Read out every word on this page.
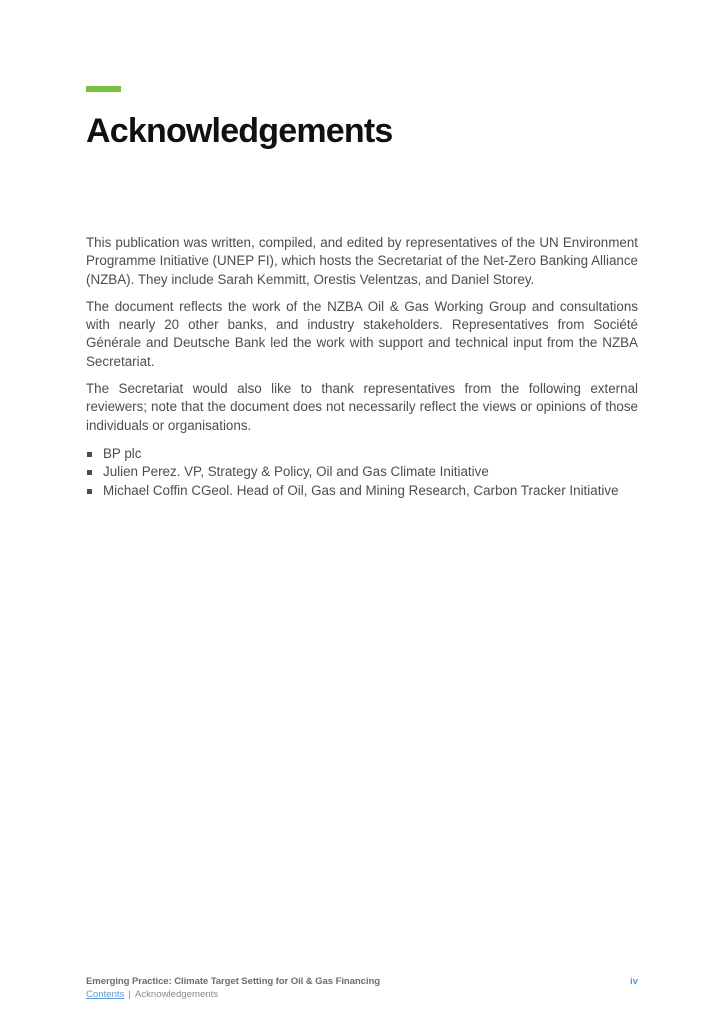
Acknowledgements

This publication was written, compiled, and edited by representatives of the UN Environment Programme Initiative (UNEP FI), which hosts the Secretariat of the Net-Zero Banking Alliance (NZBA). They include Sarah Kemmitt, Orestis Velentzas, and Daniel Storey.

The document reflects the work of the NZBA Oil & Gas Working Group and consultations with nearly 20 other banks, and industry stakeholders. Representatives from Société Générale and Deutsche Bank led the work with support and technical input from the NZBA Secretariat.

The Secretariat would also like to thank representatives from the following external reviewers; note that the document does not necessarily reflect the views or opinions of those individuals or organisations.

BP plc
Julien Perez. VP, Strategy & Policy, Oil and Gas Climate Initiative
Michael Coffin CGeol. Head of Oil, Gas and Mining Research, Carbon Tracker Initiative
Emerging Practice: Climate Target Setting for Oil & Gas Financing	iv
Contents | Acknowledgements
